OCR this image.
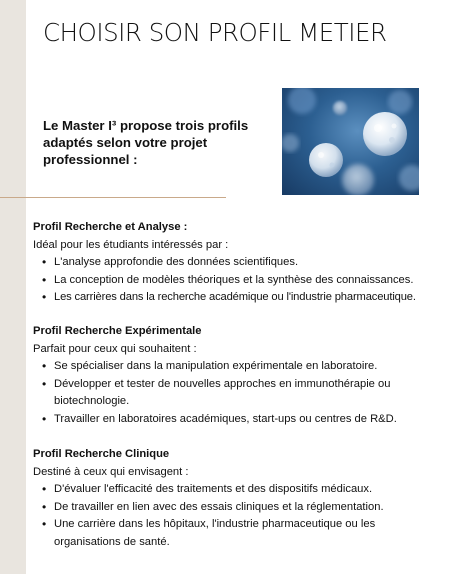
CHOISIR SON PROFIL METIER

Le Master I³ propose trois profils adaptés selon votre projet professionnel :

Profil Recherche et Analyse :

Idéal pour les étudiants intéressés par :

• L'analyse approfondie des données scientifiques.
• La conception de modèles théoriques et la synthèse des connaissances.
• Les carrières dans la recherche académique ou l'industrie pharmaceutique.
Profil Recherche Expérimentale

Parfait pour ceux qui souhaitent :

• Se spécialiser dans la manipulation expérimentale en laboratoire.
• Développer et tester de nouvelles approches en immunothérapie ou biotechnologie.
• Travailler en laboratoires académiques, start-ups ou centres de R&D.
Profil Recherche Clinique

Destiné à ceux qui envisagent :

• D'évaluer l'efficacité des traitements et des dispositifs médicaux.
• De travailler en lien avec des essais cliniques et la réglementation.
• Une carrière dans les hôpitaux, l'industrie pharmaceutique ou les organisations de santé.
